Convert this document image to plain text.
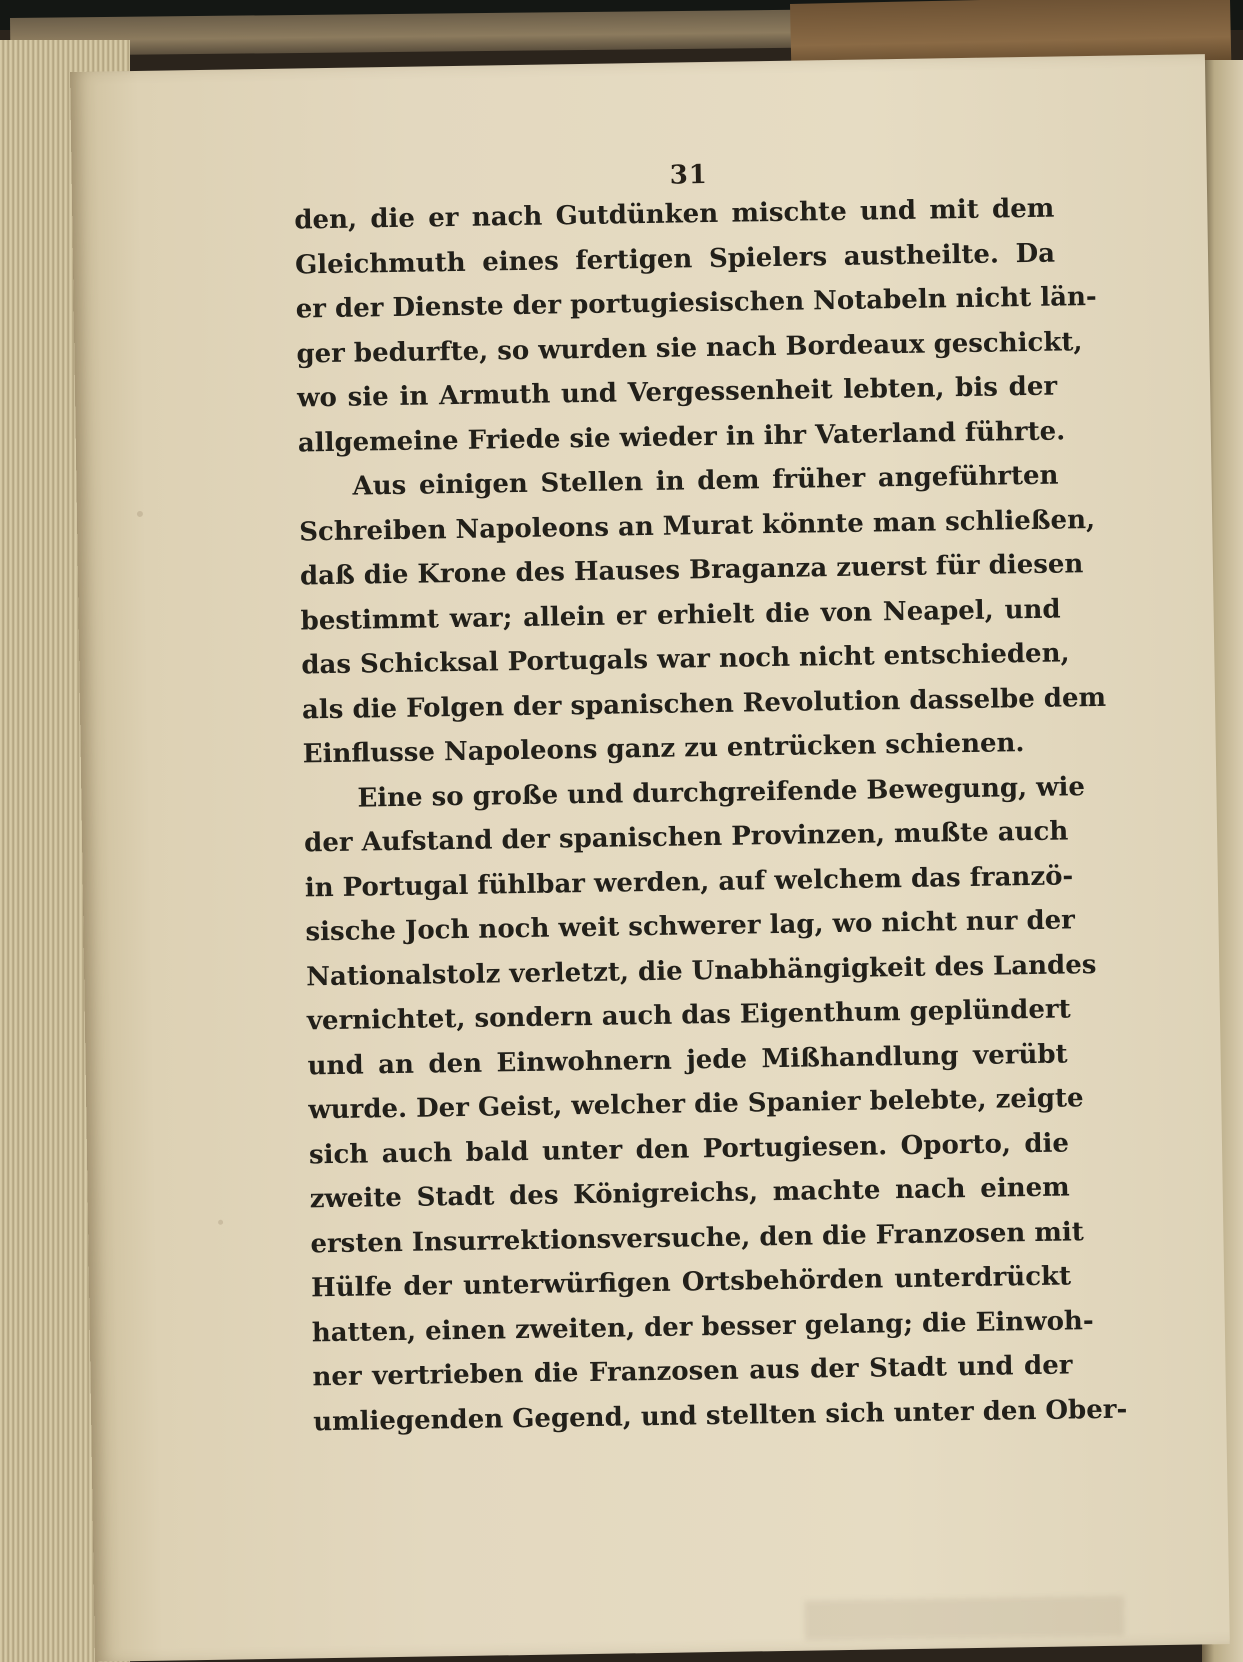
31
den, die er nach Gutdünken mischte und mit dem
Gleichmuth eines fertigen Spielers austheilte. Da
er der Dienste der portugiesischen Notabeln nicht län-
ger bedurfte, so wurden sie nach Bordeaux geschickt,
wo sie in Armuth und Vergessenheit lebten, bis der
allgemeine Friede sie wieder in ihr Vaterland führte.
Aus einigen Stellen in dem früher angeführten
Schreiben Napoleons an Murat könnte man schließen,
daß die Krone des Hauses Braganza zuerst für diesen
bestimmt war; allein er erhielt die von Neapel, und
das Schicksal Portugals war noch nicht entschieden,
als die Folgen der spanischen Revolution dasselbe dem
Einflusse Napoleons ganz zu entrücken schienen.
Eine so große und durchgreifende Bewegung, wie
der Aufstand der spanischen Provinzen, mußte auch
in Portugal fühlbar werden, auf welchem das franzö-
sische Joch noch weit schwerer lag, wo nicht nur der
Nationalstolz verletzt, die Unabhängigkeit des Landes
vernichtet, sondern auch das Eigenthum geplündert
und an den Einwohnern jede Mißhandlung verübt
wurde. Der Geist, welcher die Spanier belebte, zeigte
sich auch bald unter den Portugiesen. Oporto, die
zweite Stadt des Königreichs, machte nach einem
ersten Insurrektionsversuche, den die Franzosen mit
Hülfe der unterwürfigen Ortsbehörden unterdrückt
hatten, einen zweiten, der besser gelang; die Einwoh-
ner vertrieben die Franzosen aus der Stadt und der
umliegenden Gegend, und stellten sich unter den Ober-
